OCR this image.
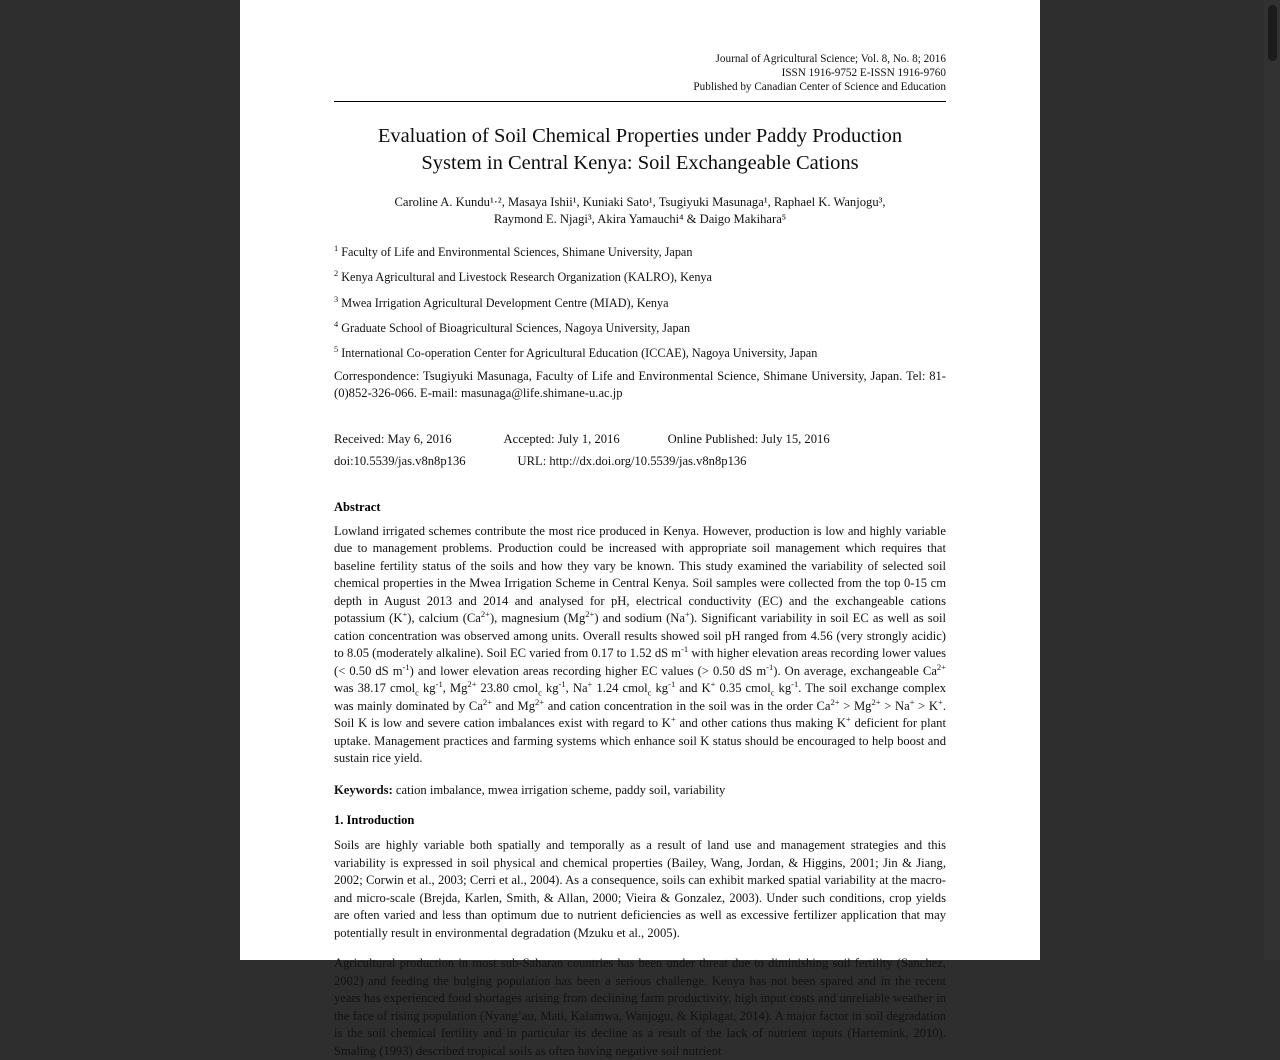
Journal of Agricultural Science; Vol. 8, No. 8; 2016
ISSN 1916-9752 E-ISSN 1916-9760
Published by Canadian Center of Science and Education
Evaluation of Soil Chemical Properties under Paddy Production
System in Central Kenya: Soil Exchangeable Cations
Caroline A. Kundu¹·², Masaya Ishii¹, Kuniaki Sato¹, Tsugiyuki Masunaga¹, Raphael K. Wanjogu³,
Raymond E. Njagi³, Akira Yamauchi⁴ & Daigo Makihara⁵
$^1$ Faculty of Life and Environmental Sciences, Shimane University, Japan
$^2$ Kenya Agricultural and Livestock Research Organization (KALRO), Kenya
$^3$ Mwea Irrigation Agricultural Development Centre (MIAD), Kenya
$^4$ Graduate School of Bioagricultural Sciences, Nagoya University, Japan
$^5$ International Co-operation Center for Agricultural Education (ICCAE), Nagoya University, Japan
Correspondence: Tsugiyuki Masunaga, Faculty of Life and Environmental Science, Shimane University, Japan. Tel: 81-(0)852-326-066. E-mail: masunaga@life.shimane-u.ac.jp
Received: May 6, 2016	Accepted: July 1, 2016	Online Published: July 15, 2016
doi:10.5539/jas.v8n8p136	URL: http://dx.doi.org/10.5539/jas.v8n8p136
Abstract

Lowland irrigated schemes contribute the most rice produced in Kenya. However, production is low and highly variable due to management problems. Production could be increased with appropriate soil management which requires that baseline fertility status of the soils and how they vary be known. This study examined the variability of selected soil chemical properties in the Mwea Irrigation Scheme in Central Kenya. Soil samples were collected from the top 0-15 cm depth in August 2013 and 2014 and analysed for pH, electrical conductivity (EC) and the exchangeable cations potassium (K+), calcium $(Ca^{2+})$, magnesium $(Mg^{2+})$ and sodium (Na+). Significant variability in soil EC as well as soil cation concentration was observed among units. Overall results showed soil pH ranged from 4.56 (very strongly acidic) to 8.05 (moderately alkaline). Soil EC varied from 0.17 to 1.52 dS $m^{-1}$ with higher elevation areas recording lower values (< 0.50 dS $m^{-1}$) and lower elevation areas recording higher EC values (> 0.50 dS $m^{-1}$). On average, exchangeable $Ca^{2+}$ was 38.17 cmol$_c$ $kg^{-1}$, $Mg^{2+}$ 23.80 cmol$_c$ $kg^{-1}$, Na+ 1.24 cmol$_c$ $kg^{-1}$ and K+ 0.35 cmol$_c$ $kg^{-1}$. The soil exchange complex was mainly dominated by $Ca^{2+}$ and $Mg^{2+}$ and cation concentration in the soil was in the order $Ca^{2+} > Mg^{2+} > Na^+ > K^+$. Soil K is low and severe cation imbalances exist with regard to K+ and other cations thus making K+ deficient for plant uptake. Management practices and farming systems which enhance soil K status should be encouraged to help boost and sustain rice yield.

Keywords: cation imbalance, mwea irrigation scheme, paddy soil, variability
1. Introduction

Soils are highly variable both spatially and temporally as a result of land use and management strategies and this variability is expressed in soil physical and chemical properties (Bailey, Wang, Jordan, & Higgins, 2001; Jin & Jiang, 2002; Corwin et al., 2003; Cerri et al., 2004). As a consequence, soils can exhibit marked spatial variability at the macro- and micro-scale (Brejda, Karlen, Smith, & Allan, 2000; Vieira & Gonzalez, 2003). Under such conditions, crop yields are often varied and less than optimum due to nutrient deficiencies as well as excessive fertilizer application that may potentially result in environmental degradation (Mzuku et al., 2005).

Agricultural production in most sub-Saharan countries has been under threat due to diminishing soil fertility (Sanchez, 2002) and feeding the bulging population has been a serious challenge. Kenya has not been spared and in the recent years has experienced food shortages arising from declining farm productivity, high input costs and unreliable weather in the face of rising population (Nyang’au, Mati, Kalamwa, Wanjogu, & Kiplagat, 2014). A major factor in soil degradation is the soil chemical fertility and in particular its decline as a result of the lack of nutrient inputs (Hartemink, 2010). Smaling (1993) described tropical soils as often having negative soil nutrient
